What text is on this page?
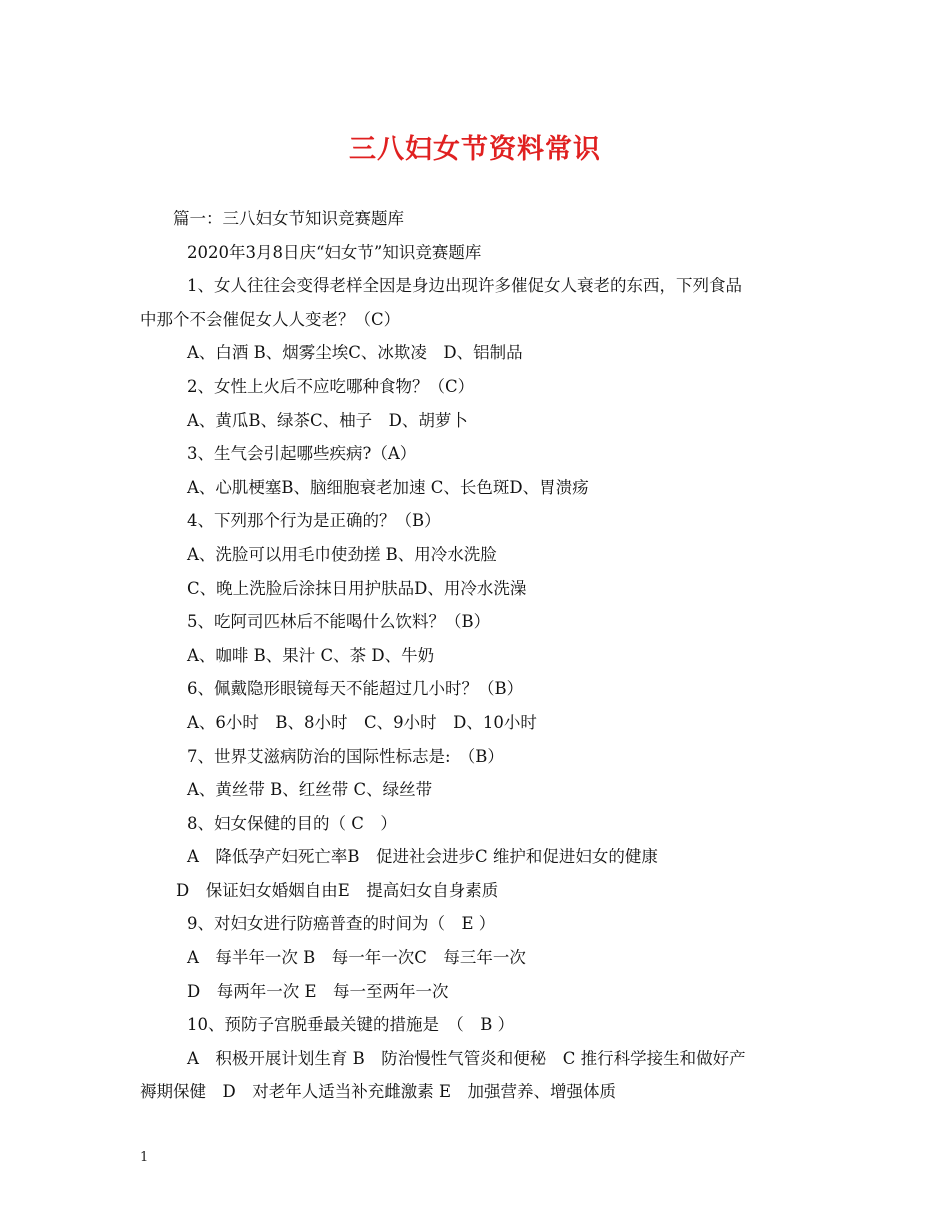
三八妇女节资料常识

篇一：三八妇女节知识竞赛题库

2020年3月8日庆“妇女节”知识竞赛题库

1、女人往往会变得老样全因是身边出现许多催促女人衰老的东西，下列食品

中那个不会催促女人人变老？（C）

A、白酒 B、烟雾尘埃C、冰欺凌　D、铝制品

2、女性上火后不应吃哪种食物？（C）

A、黄瓜B、绿茶C、柚子　D、胡萝卜

3、生气会引起哪些疾病?（A）

A、心肌梗塞B、脑细胞衰老加速 C、长色斑D、胃溃疡

4、下列那个行为是正确的？（B）

A、洗脸可以用毛巾使劲搓 B、用冷水洗脸

C、晚上洗脸后涂抹日用护肤品D、用冷水洗澡

5、吃阿司匹林后不能喝什么饮料？（B）

A、咖啡 B、果汁 C、茶 D、牛奶

6、佩戴隐形眼镜每天不能超过几小时？（B）

A、6小时　B、8小时　C、9小时　D、10小时

7、世界艾滋病防治的国际性标志是:　（B）

A、黄丝带 B、红丝带 C、绿丝带

8、妇女保健的目的（ C　）

A　降低孕产妇死亡率B　促进社会进步C 维护和促进妇女的健康

D　保证妇女婚姻自由E　提高妇女自身素质

9、对妇女进行防癌普查的时间为（　E ）

A　每半年一次 B　每一年一次C　每三年一次

D　每两年一次 E　每一至两年一次

10、预防子宫脱垂最关键的措施是　（　B ）

A　积极开展计划生育 B　防治慢性气管炎和便秘　C 推行科学接生和做好产

褥期保健　D　对老年人适当补充雌激素 E　加强营养、增强体质

1
